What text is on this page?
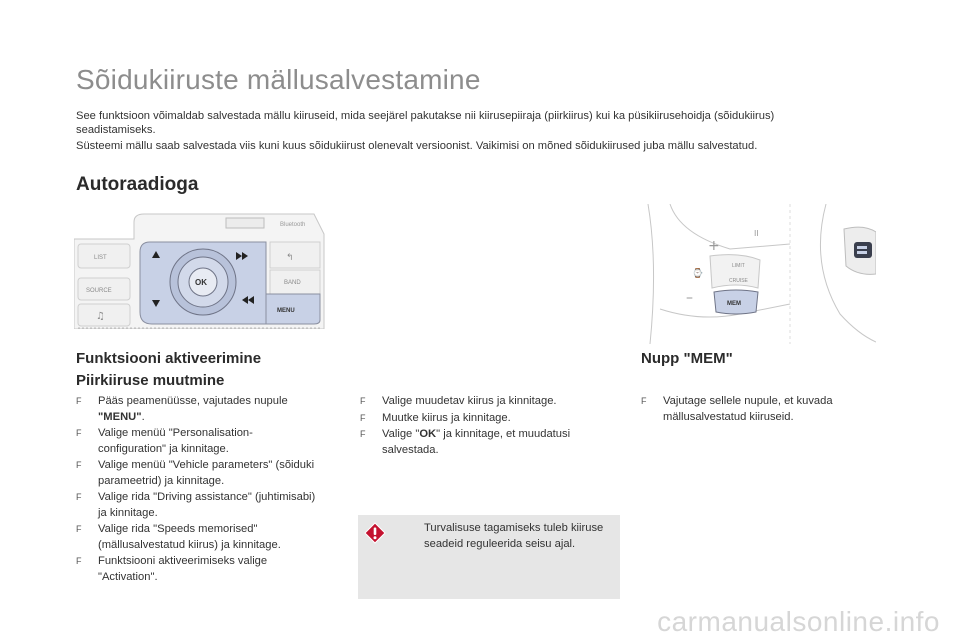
Sõidukiiruste mällusalvestamine
See funktsioon võimaldab salvestada mällu kiiruseid, mida seejärel pakutakse nii kiirusepiiraja (piirkiirus) kui ka püsikiirusehoidja (sõidukiirus)
seadistamiseks.
Süsteemi mällu saab salvestada viis kuni kuus sõidukiirust olenevalt versioonist. Vaikimisi on mõned sõidukiirused juba mällu salvestatud.
Autoraadioga
Bluetooth
LIST
SOURCE
♫
OK
↰
BAND
MENU
+
–
II
⌚
LIMIT
CRUISE
MEM
Funktsiooni aktiveerimine
Piirkiiruse muutmine
F Pääs peamenüüsse, vajutades nupule "MENU".
F Valige menüü "Personalisation-configuration" ja kinnitage.
F Valige menüü "Vehicle parameters" (sõiduki parameetrid) ja kinnitage.
F Valige rida "Driving assistance" (juhtimisabi) ja kinnitage.
F Valige rida "Speeds memorised" (mällusalvestatud kiirus) ja kinnitage.
F Funktsiooni aktiveerimiseks valige "Activation".
F Valige muudetav kiirus ja kinnitage.
F Muutke kiirus ja kinnitage.
F Valige "OK" ja kinnitage, et muudatusi salvestada.
Turvalisuse tagamiseks tuleb kiiruse seadeid reguleerida seisu ajal.
Nupp "MEM"
F Vajutage sellele nupule, et kuvada mällusalvestatud kiiruseid.
carmanualsonline.info
